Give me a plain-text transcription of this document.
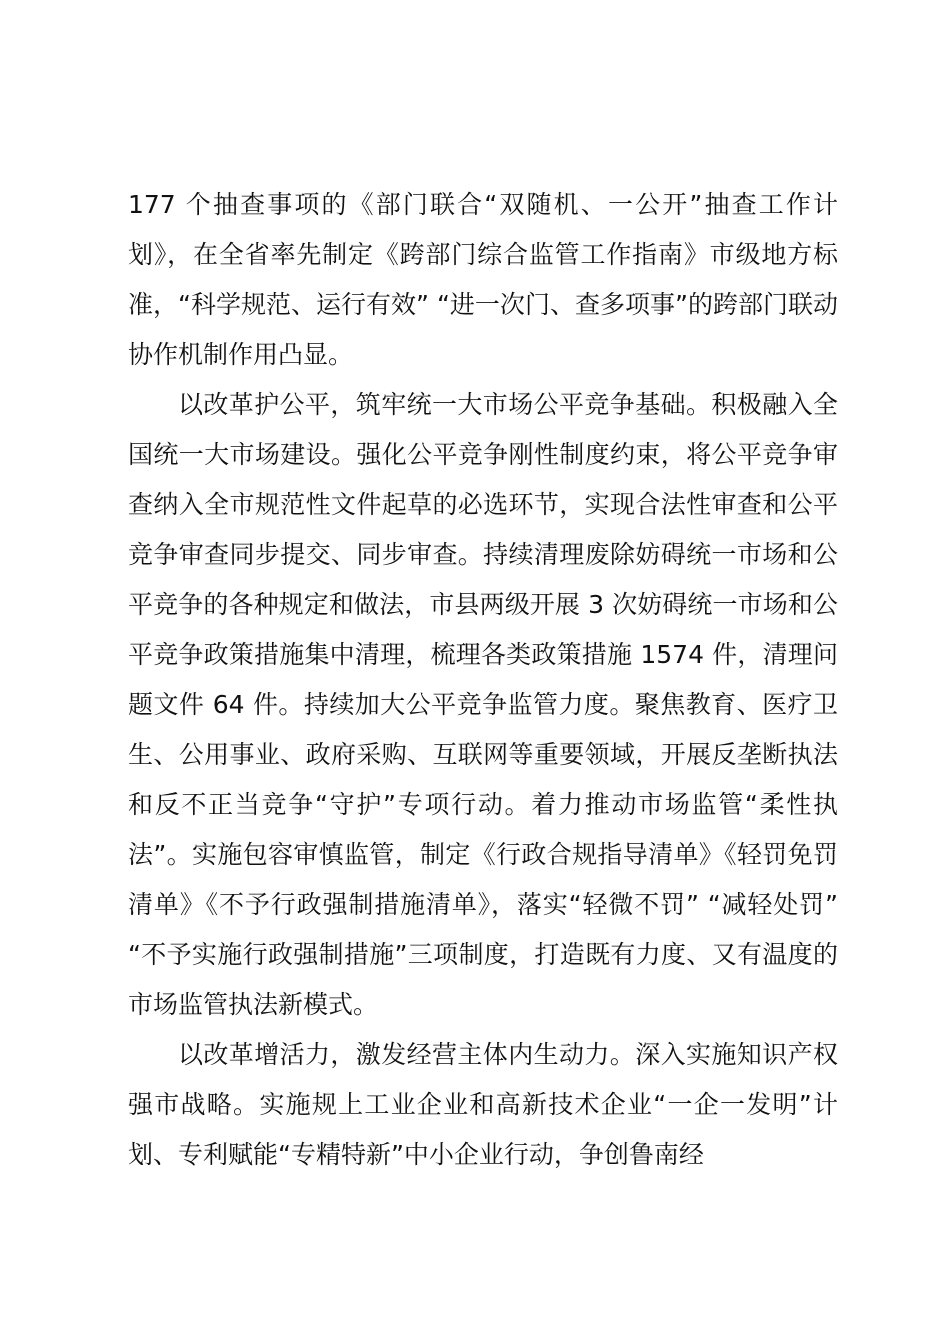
177 个抽查事项的《部门联合“双随机、一公开”抽查工作计划》，在全省率先制定《跨部门综合监管工作指南》市级地方标准，“科学规范、运行有效” “进一次门、查多项事”的跨部门联动协作机制作用凸显。

以改革护公平，筑牢统一大市场公平竞争基础。积极融入全国统一大市场建设。强化公平竞争刚性制度约束，将公平竞争审查纳入全市规范性文件起草的必选环节，实现合法性审查和公平竞争审查同步提交、同步审查。持续清理废除妨碍统一市场和公平竞争的各种规定和做法，市县两级开展 3 次妨碍统一市场和公平竞争政策措施集中清理，梳理各类政策措施 1574 件，清理问题文件 64 件。持续加大公平竞争监管力度。聚焦教育、医疗卫生、公用事业、政府采购、互联网等重要领域，开展反垄断执法和反不正当竞争“守护”专项行动。着力推动市场监管“柔性执法”。实施包容审慎监管，制定《行政合规指导清单》《轻罚免罚清单》《不予行政强制措施清单》，落实“轻微不罚” “减轻处罚” “不予实施行政强制措施”三项制度，打造既有力度、又有温度的市场监管执法新模式。

以改革增活力，激发经营主体内生动力。深入实施知识产权强市战略。实施规上工业企业和高新技术企业“一企一发明”计划、专利赋能“专精特新”中小企业行动，争创鲁南经
